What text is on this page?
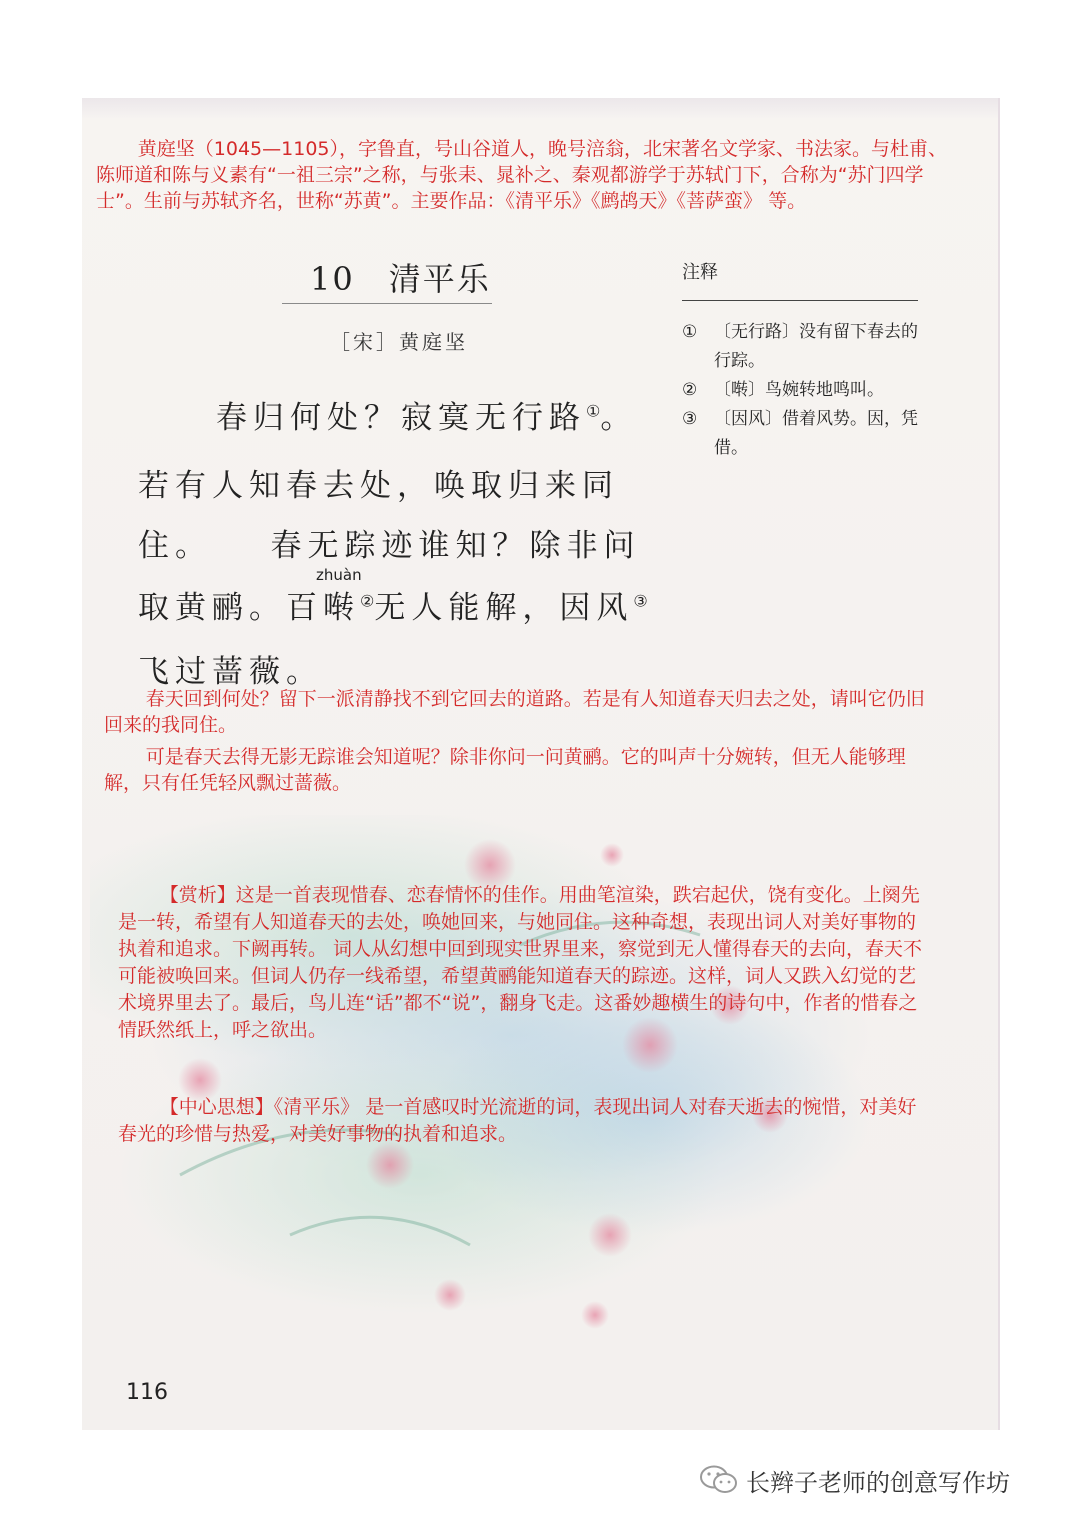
黄庭坚（1045—1105），字鲁直，号山谷道人，晚号涪翁，北宋著名文学家、书法家。与杜甫、陈师道和陈与义素有“一祖三宗”之称，与张耒、晁补之、秦观都游学于苏轼门下，合称为“苏门四学士”。生前与苏轼齐名，世称“苏黄”。主要作品：《清平乐》《鹧鸪天》《菩萨蛮》 等。

10　清平乐
［宋］黄庭坚
春归何处？寂寞无行路①。
若有人知春去处，唤取归来同
住。　　春无踪迹谁知？除非问
取黄鹂。百啭②无人能解，因风③
飞过蔷薇。
zhuàn
注释
① 〔无行路〕没有留下春去的行踪。
② 〔啭〕鸟婉转地鸣叫。
③ 〔因风〕借着风势。因，凭借。

春天回到何处？留下一派清静找不到它回去的道路。若是有人知道春天归去之处，请叫它仍旧回来的我同住。

可是春天去得无影无踪谁会知道呢？除非你问一问黄鹂。它的叫声十分婉转，但无人能够理解，只有任凭轻风飘过蔷薇。

【赏析】这是一首表现惜春、恋春情怀的佳作。用曲笔渲染，跌宕起伏，饶有变化。上阕先是一转，希望有人知道春天的去处，唤她回来，与她同住。这种奇想，表现出词人对美好事物的执着和追求。下阙再转。 词人从幻想中回到现实世界里来，察觉到无人懂得春天的去向，春天不可能被唤回来。但词人仍存一线希望，希望黄鹂能知道春天的踪迹。这样，词人又跌入幻觉的艺术境界里去了。最后，鸟儿连“话”都不“说”，翻身飞走。这番妙趣横生的诗句中，作者的惜春之情跃然纸上，呼之欲出。

【中心思想】《清平乐》 是一首感叹时光流逝的词，表现出词人对春天逝去的惋惜，对美好春光的珍惜与热爱，对美好事物的执着和追求。

116
长辫子老师的创意写作坊
